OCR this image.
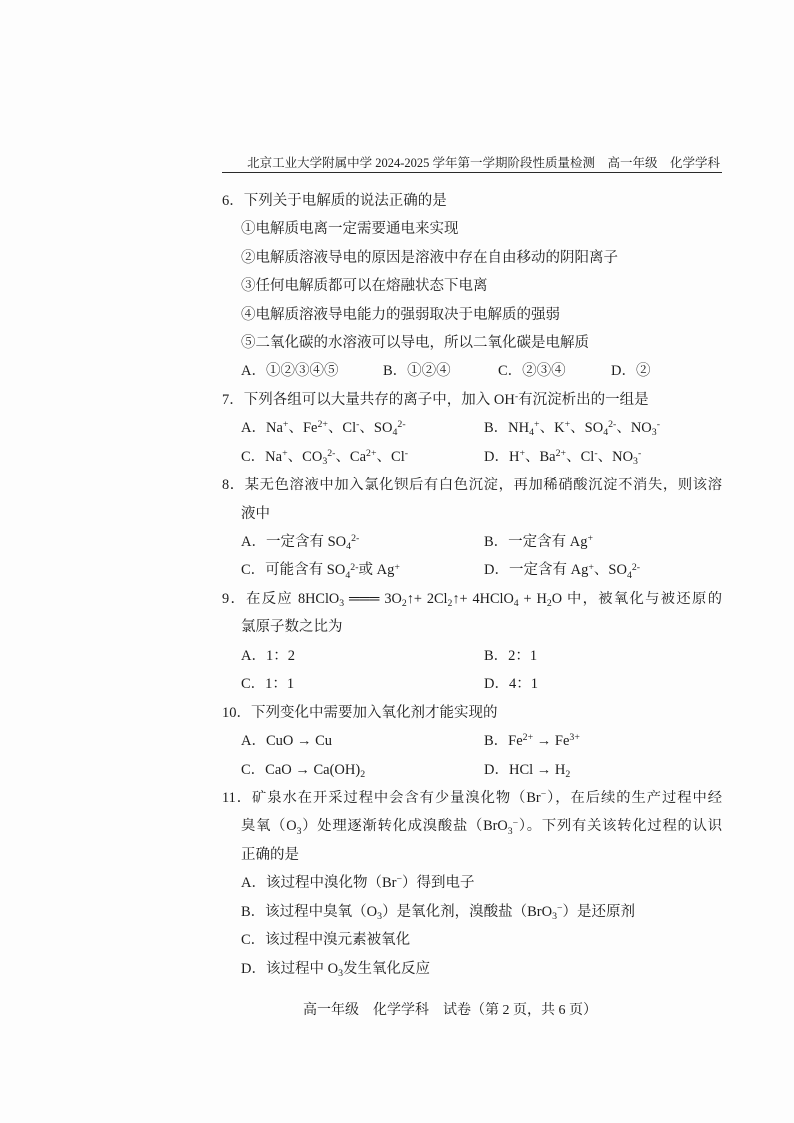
北京工业大学附属中学 2024-2025 学年第一学期阶段性质量检测　高一年级　化学学科
6．下列关于电解质的说法正确的是
①电解质电离一定需要通电来实现
②电解质溶液导电的原因是溶液中存在自由移动的阴阳离子
③任何电解质都可以在熔融状态下电离
④电解质溶液导电能力的强弱取决于电解质的强弱
⑤二氧化碳的水溶液可以导电，所以二氧化碳是电解质
A．①②③④⑤	B．①②④	C．②③④	D．②
7．下列各组可以大量共存的离子中，加入 OH-有沉淀析出的一组是
A．Na+、$Fe^{2+}$、Cl-、$SO_4^{2-}$	B．$NH_4^+$、K+、$SO_4^{2-}$、$NO_3^-$
C．Na+、$CO_3^{2-}$、$Ca^{2+}$、Cl-	D．H+、$Ba^{2+}$、Cl-、$NO_3^-$
8．某无色溶液中加入氯化钡后有白色沉淀，再加稀硝酸沉淀不消失，则该溶
液中
A．一定含有 $SO_4^{2-}$	B．一定含有 Ag+
C．可能含有 $SO_4^{2-}$或 Ag+	D．一定含有 Ag+、$SO_4^{2-}$
9．在反应 8HClO$_3$ ═══ $3O_2↑+$ $2Cl_2↑+$ 4HClO$_4$ + $H_2O$ 中，被氧化与被还原的
氯原子数之比为
A．1：2	B．2：1
C．1：1	D．4：1
10．下列变化中需要加入氧化剂才能实现的
A．CuO → Cu	B．$Fe^{2+} \to Fe^{3+}$
C．CaO → $Ca(OH)_2$	D．HCl → $H_2$
11．矿泉水在开采过程中会含有少量溴化物（Br−），在后续的生产过程中经
臭氧$(O_3)$处理逐渐转化成溴酸盐（BrO$_3$−）。下列有关该转化过程的认识
正确的是
A．该过程中溴化物（Br−）得到电子
B．该过程中臭氧$(O_3)$是氧化剂，溴酸盐（BrO$_3$−）是还原剂
C．该过程中溴元素被氧化
D．该过程中 $O_3$发生氧化反应
高一年级　化学学科　试卷（第 2 页，共 6 页）
